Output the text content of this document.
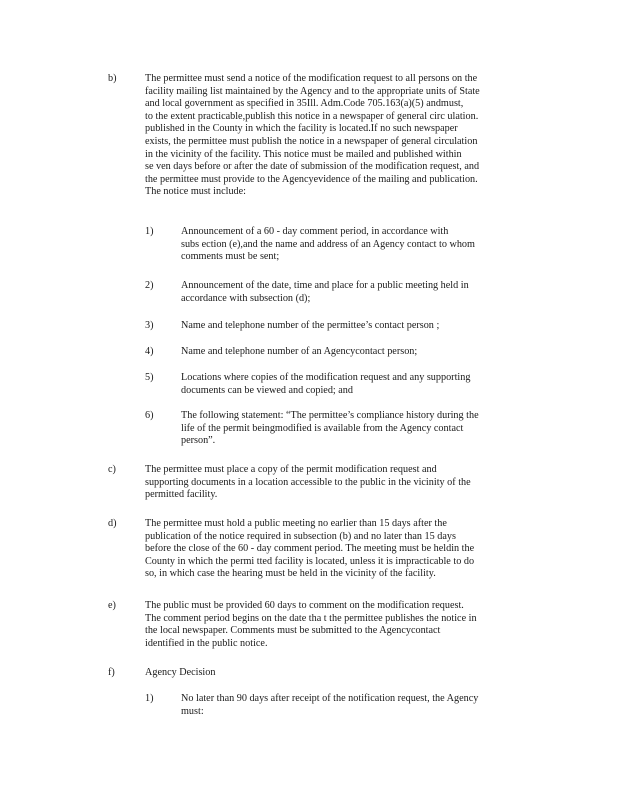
b)	The permittee must send a notice of the modification request to all persons on the
facility mailing list maintained by the Agency and to the appropriate units of State
and local government as specified in 35Ill. Adm.Code 705.163(a)(5) andmust,
to the extent practicable,publish this notice in a newspaper of general circ ulation.
published in the County in which the facility is located.If no such newspaper
exists, the permittee must publish the notice in a newspaper of general circulation
in the vicinity of the facility. This notice must be mailed and published within
se ven days before or after the date of submission of the modification request, and
the permittee must provide to the Agencyevidence of the mailing and publication.
The notice must include:
1)	Announcement of a 60 - day comment period, in accordance with
subs ection (e),and the name and address of an Agency contact to whom
comments must be sent;
2)	Announcement of the date, time and place for a public meeting held in
accordance with subsection (d);
3)	Name and telephone number of the permittee’s contact person ;
4)	Name and telephone number of an Agencycontact person;
5)	Locations where copies of the modification request and any supporting
documents can be viewed and copied; and
6)	The following statement: “The permittee’s compliance history during the
life of the permit beingmodified is available from the Agency contact
person”.
c)	The permittee must place a copy of the permit modification request and
supporting documents in a location accessible to the public in the vicinity of the
permitted facility.
d)	The permittee must hold a public meeting no earlier than 15 days after the
publication of the notice required in subsection (b) and no later than 15 days
before the close of the 60 - day comment period. The meeting must be heldin the
County in which the permi tted facility is located, unless it is impracticable to do
so, in which case the hearing must be held in the vicinity of the facility.
e)	The public must be provided 60 days to comment on the modification request.
The comment period begins on the date tha t the permittee publishes the notice in
the local newspaper. Comments must be submitted to the Agencycontact
identified in the public notice.
f)	Agency Decision
1)	No later than 90 days after receipt of the notification request, the Agency
must:
